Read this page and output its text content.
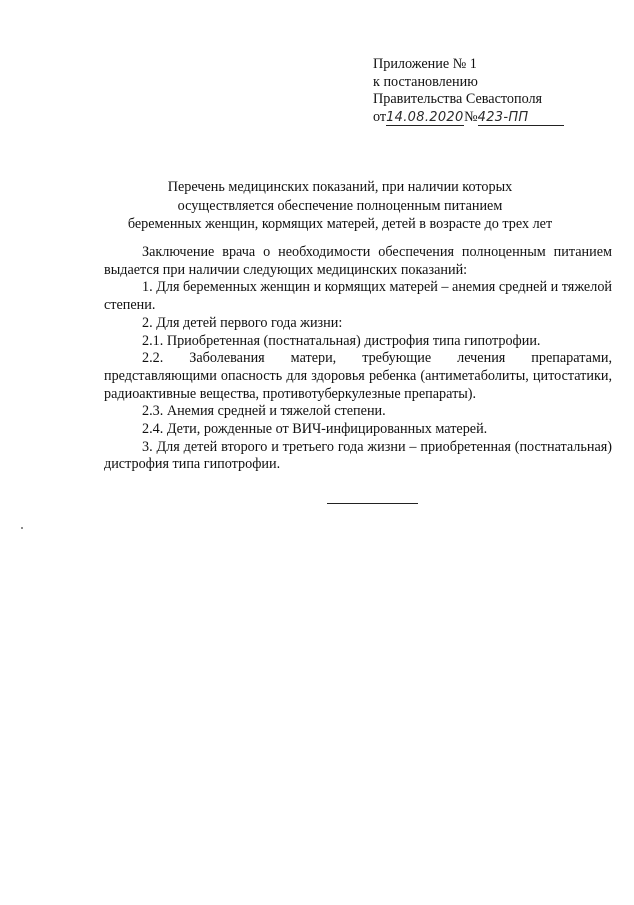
Приложение № 1
к постановлению
Правительства Севастополя
от14.08.2020№423-ПП
Перечень медицинских показаний, при наличии которых
осуществляется обеспечение полноценным питанием
беременных женщин, кормящих матерей, детей в возрасте до трех лет

Заключение врача о необходимости обеспечения полноценным питанием выдается при наличии следующих медицинских показаний:

1. Для беременных женщин и кормящих матерей – анемия средней и тяжелой степени.

2. Для детей первого года жизни:

2.1. Приобретенная (постнатальная) дистрофия типа гипотрофии.

2.2. Заболевания матери, требующие лечения препаратами, представляющими опасность для здоровья ребенка (антиметаболиты, цитостатики, радиоактивные вещества, противотуберкулезные препараты).

2.3. Анемия средней и тяжелой степени.

2.4. Дети, рожденные от ВИЧ-инфицированных матерей.

3. Для детей второго и третьего года жизни – приобретенная (постнатальная) дистрофия типа гипотрофии.
